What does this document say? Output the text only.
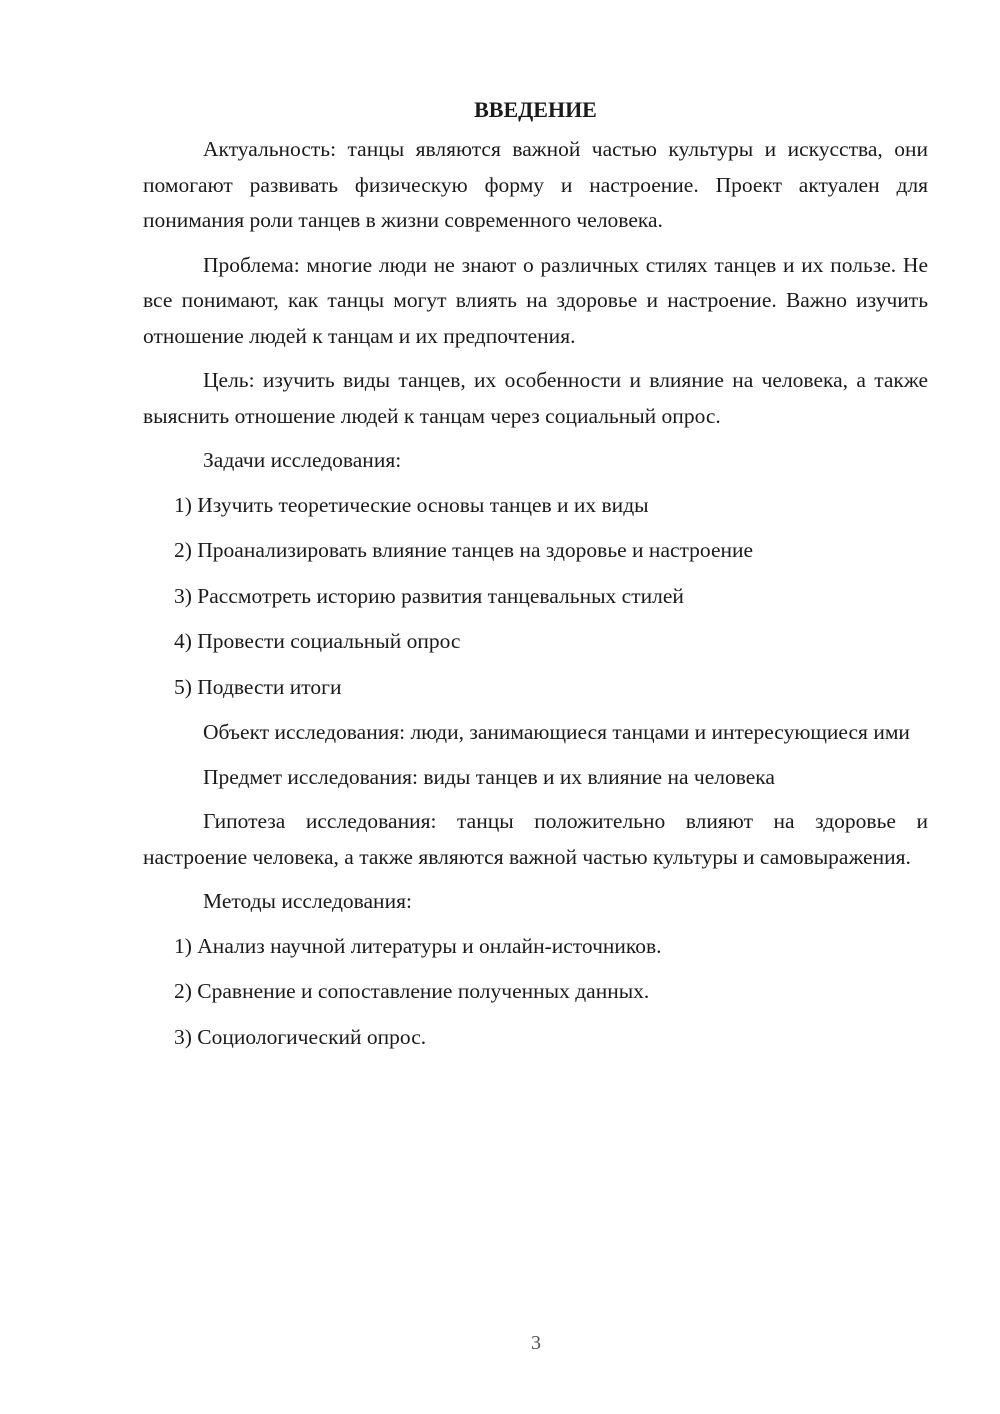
ВВЕДЕНИЕ

Актуальность: танцы являются важной частью культуры и искусства, они помогают развивать физическую форму и настроение. Проект актуален для понимания роли танцев в жизни современного человека.

Проблема: многие люди не знают о различных стилях танцев и их пользе. Не все понимают, как танцы могут влиять на здоровье и настроение. Важно изучить отношение людей к танцам и их предпочтения.

Цель: изучить виды танцев, их особенности и влияние на человека, а также выяснить отношение людей к танцам через социальный опрос.

Задачи исследования:

1) Изучить теоретические основы танцев и их виды
2) Проанализировать влияние танцев на здоровье и настроение
3) Рассмотреть историю развития танцевальных стилей
4) Провести социальный опрос
5) Подвести итоги

Объект исследования: люди, занимающиеся танцами и интересующиеся ими

Предмет исследования: виды танцев и их влияние на человека

Гипотеза исследования: танцы положительно влияют на здоровье и настроение человека, а также являются важной частью культуры и самовыражения.

Методы исследования:

1) Анализ научной литературы и онлайн-источников.
2) Сравнение и сопоставление полученных данных.
3) Социологический опрос.
3
